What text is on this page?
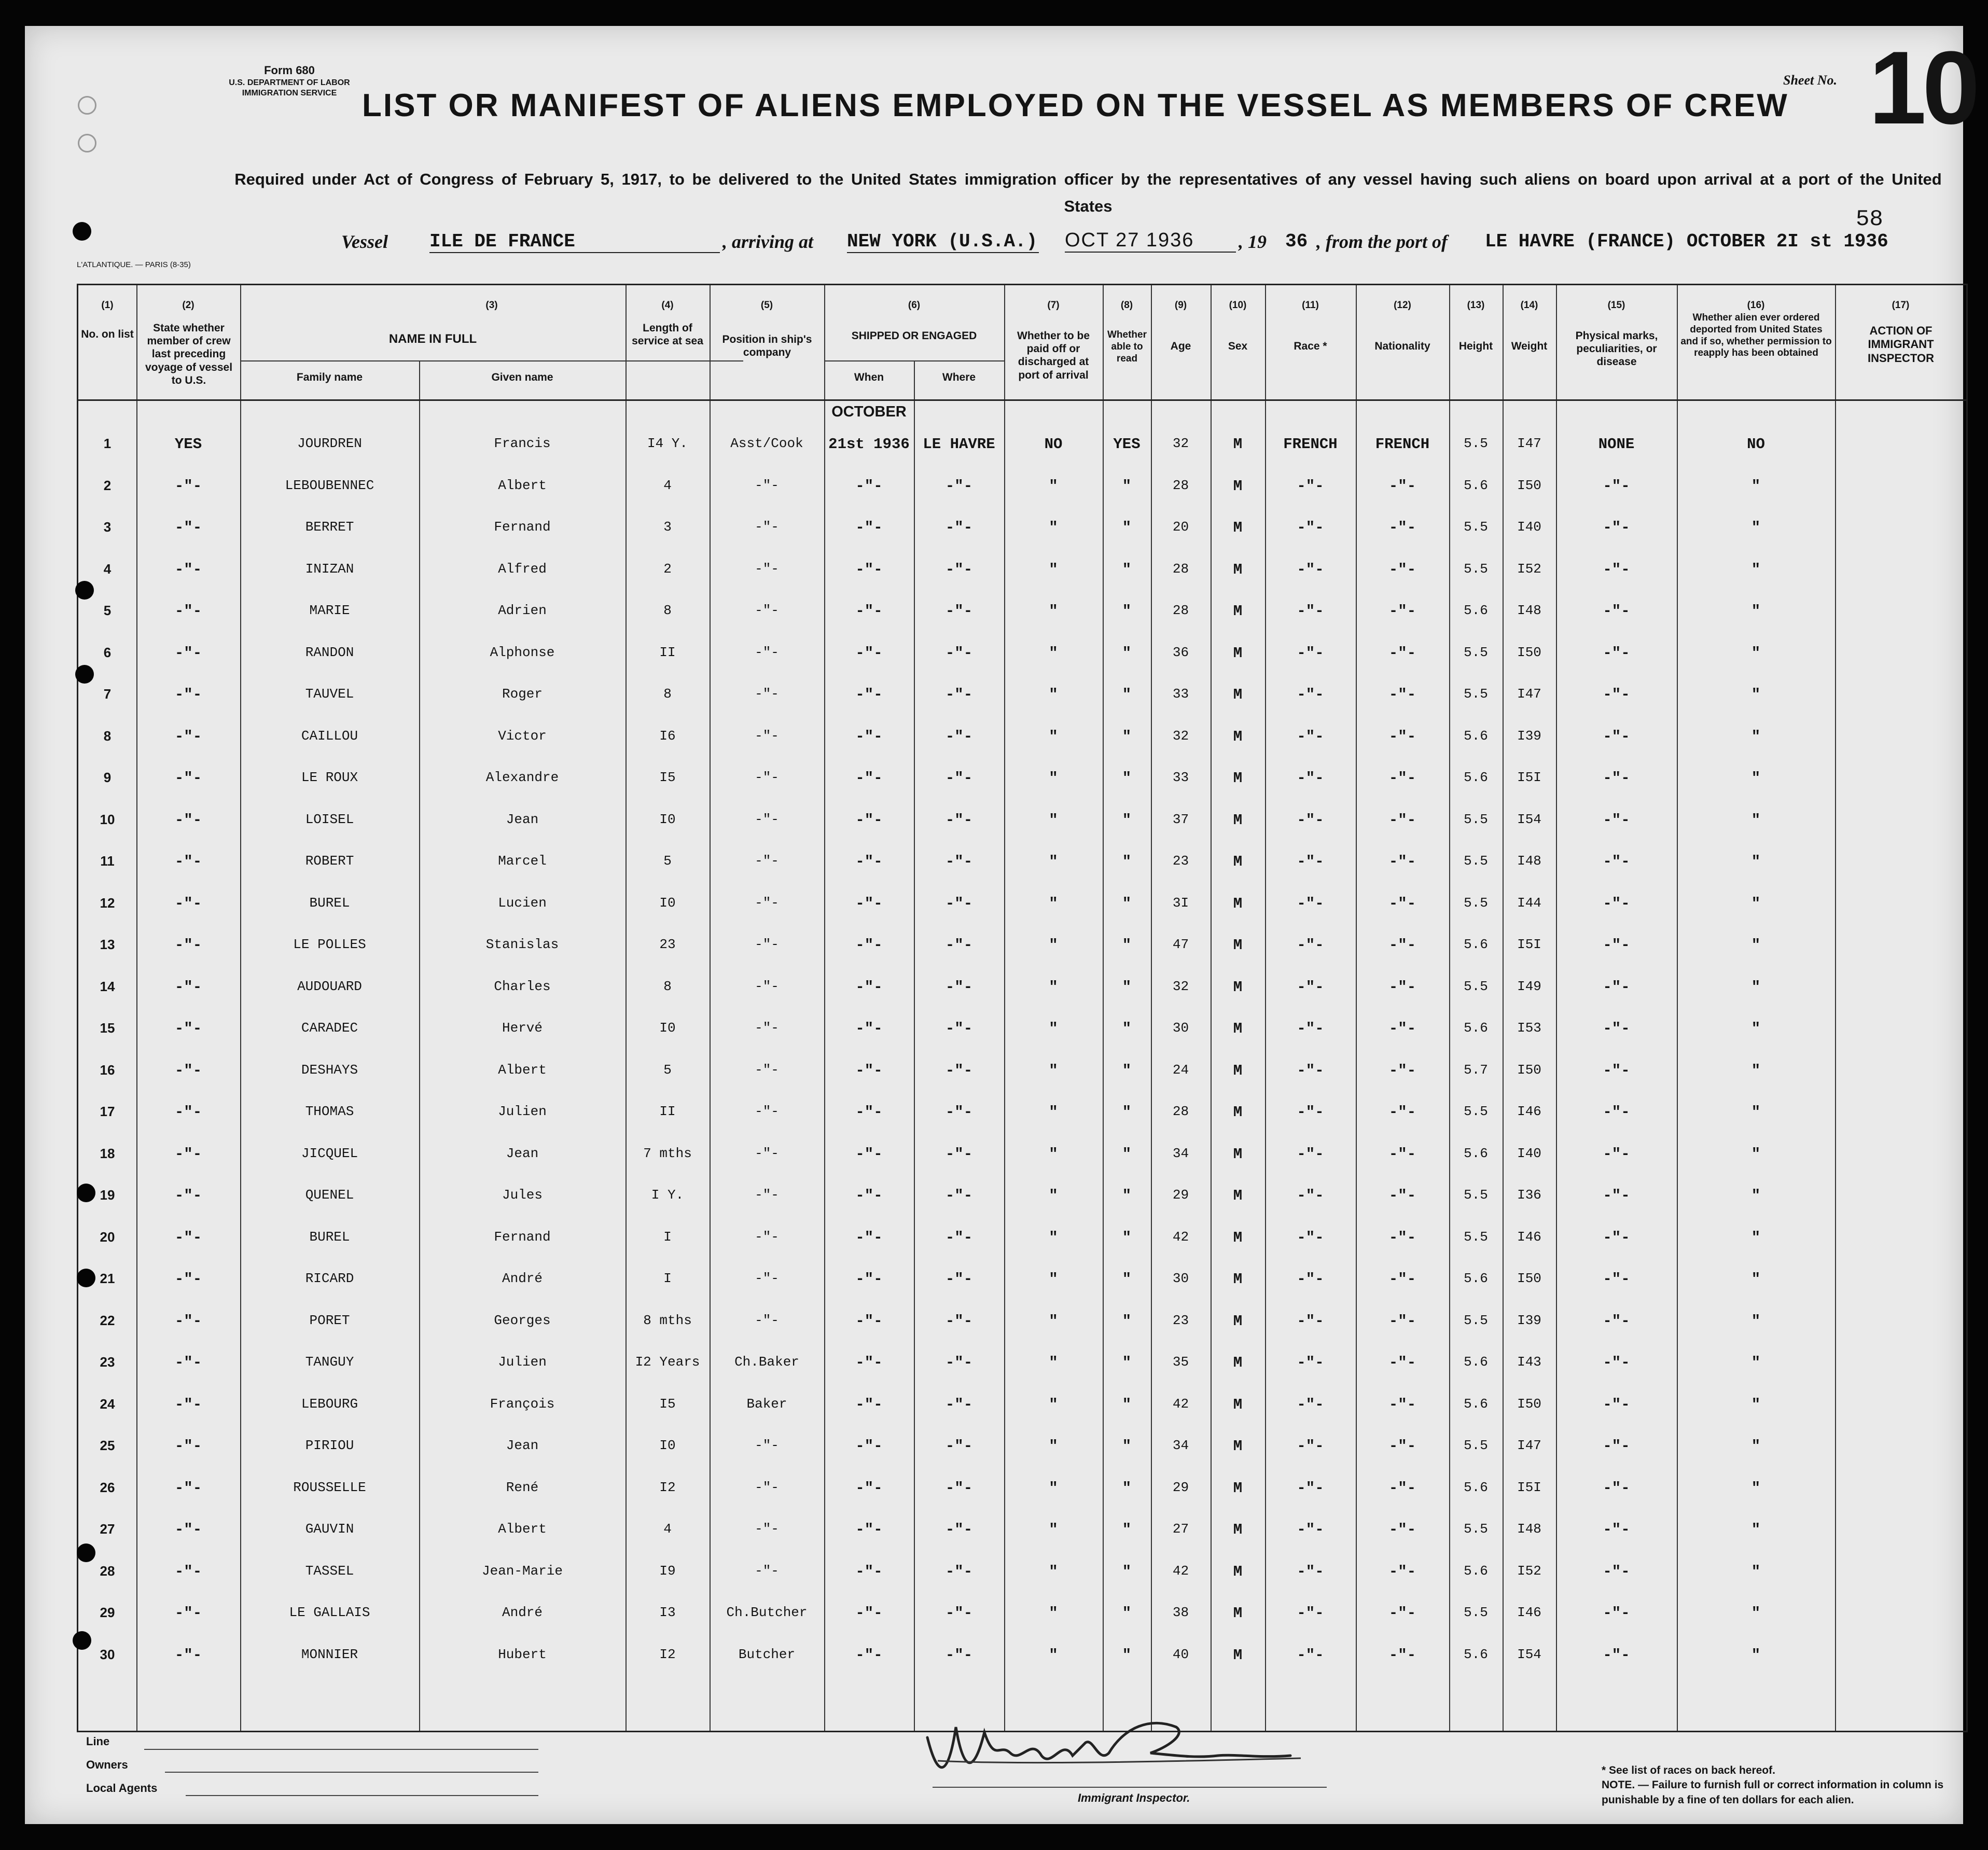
Form 680
U.S. DEPARTMENT OF LABOR
IMMIGRATION SERVICE LIST OR MANIFEST OF ALIENS EMPLOYED ON THE VESSEL AS MEMBERS OF CREW
Sheet No. 10
Required under Act of Congress of February 5, 1917, to be delivered to the United States immigration officer by the representatives of any vessel having such aliens on board upon arrival at a port of the United States
58
Vessel ILE DE FRANCE	, arriving at NEW YORK (U.S.A.) OCT 27 1936	, 19 36 , from the port of LE HAVRE (FRANCE) OCTOBER 2I st 1936
L'ATLANTIQUE. — PARIS (8-35)
(1)	(2)	(3)	(4)	(5)	(6)	(7)	(8)	(9)	(10)	(11)	(12)	(13)	(14)	(15)	(16)	(17)
No. on list
State whether member of crew last preceding voyage of vessel to U.S.
NAME IN FULL
Family name	Given name
Length of service at sea	Position in ship's company
SHIPPED OR ENGAGED
When	Where
Whether to be paid off or discharged at port of arrival
Whether able to read
Age	Sex	Race *	Nationality	Height	Weight
Physical marks, peculiarities, or disease
Whether alien ever ordered deported from United States and if so, whether permission to reapply has been obtained
ACTION OF IMMIGRANT INSPECTOR
OCTOBER
1	YES	JOURDREN	Francis	I4 Y.	Asst/Cook	21st 1936 LE HAVRE	NO	YES	32	M	FRENCH	FRENCH	5.5	I47	NONE	NO
2	-"-	LEBOUBENNEC	Albert	4	-"-	-"-	-"-	"	"	28	M	-"-	-"-	5.6	I50	-"-	"
3	-"-	BERRET	Fernand	3	-"-	-"-	-"-	"	"	20	M	-"-	-"-	5.5	I40	-"-	"
4	-"-	INIZAN	Alfred	2	-"-	-"-	-"-	"	"	28	M	-"-	-"-	5.5	I52	-"-	"
5	-"-	MARIE	Adrien	8	-"-	-"-	-"-	"	"	28	M	-"-	-"-	5.6	I48	-"-	"
6	-"-	RANDON	Alphonse	II	-"-	-"-	-"-	"	"	36	M	-"-	-"-	5.5	I50	-"-	"
7	-"-	TAUVEL	Roger	8	-"-	-"-	-"-	"	"	33	M	-"-	-"-	5.5	I47	-"-	"
8	-"-	CAILLOU	Victor	I6	-"-	-"-	-"-	"	"	32	M	-"-	-"-	5.6	I39	-"-	"
9	-"-	LE ROUX	Alexandre	I5	-"-	-"-	-"-	"	"	33	M	-"-	-"-	5.6	I5I	-"-	"
10	-"-	LOISEL	Jean	I0	-"-	-"-	-"-	"	"	37	M	-"-	-"-	5.5	I54	-"-	"
11	-"-	ROBERT	Marcel	5	-"-	-"-	-"-	"	"	23	M	-"-	-"-	5.5	I48	-"-	"
12	-"-	BUREL	Lucien	I0	-"-	-"-	-"-	"	"	3I	M	-"-	-"-	5.5	I44	-"-	"
13	-"-	LE POLLES	Stanislas	23	-"-	-"-	-"-	"	"	47	M	-"-	-"-	5.6	I5I	-"-	"
14	-"-	AUDOUARD	Charles	8	-"-	-"-	-"-	"	"	32	M	-"-	-"-	5.5	I49	-"-	"
15	-"-	CARADEC	Hervé	I0	-"-	-"-	-"-	"	"	30	M	-"-	-"-	5.6	I53	-"-	"
16	-"-	DESHAYS	Albert	5	-"-	-"-	-"-	"	"	24	M	-"-	-"-	5.7	I50	-"-	"
17	-"-	THOMAS	Julien	II	-"-	-"-	-"-	"	"	28	M	-"-	-"-	5.5	I46	-"-	"
18	-"-	JICQUEL	Jean	7 mths	-"-	-"-	-"-	"	"	34	M	-"-	-"-	5.6	I40	-"-	"
19	-"-	QUENEL	Jules	I Y.	-"-	-"-	-"-	"	"	29	M	-"-	-"-	5.5	I36	-"-	"
20	-"-	BUREL	Fernand	I	-"-	-"-	-"-	"	"	42	M	-"-	-"-	5.5	I46	-"-	"
21	-"-	RICARD	André	I	-"-	-"-	-"-	"	"	30	M	-"-	-"-	5.6	I50	-"-	"
22	-"-	PORET	Georges	8 mths	-"-	-"-	-"-	"	"	23	M	-"-	-"-	5.5	I39	-"-	"
23	-"-	TANGUY	Julien	I2 Years	Ch.Baker	-"-	-"-	"	"	35	M	-"-	-"-	5.6	I43	-"-	"
24	-"-	LEBOURG	François	I5	Baker	-"-	-"-	"	"	42	M	-"-	-"-	5.6	I50	-"-	"
25	-"-	PIRIOU	Jean	I0	-"-	-"-	-"-	"	"	34	M	-"-	-"-	5.5	I47	-"-	"
26	-"-	ROUSSELLE	René	I2	-"-	-"-	-"-	"	"	29	M	-"-	-"-	5.6	I5I	-"-	"
27	-"-	GAUVIN	Albert	4	-"-	-"-	-"-	"	"	27	M	-"-	-"-	5.5	I48	-"-	"
28	-"-	TASSEL	Jean-Marie	I9	-"-	-"-	-"-	"	"	42	M	-"-	-"-	5.6	I52	-"-	"
29	-"-	LE GALLAIS	André	I3	Ch.Butcher	-"-	-"-	"	"	38	M	-"-	-"-	5.5	I46	-"-	"
30	-"-	MONNIER	Hubert	I2	Butcher	-"-	-"-	"	"	40	M	-"-	-"-	5.6	I54	-"-	"
Line
Owners
Local Agents
Immigrant Inspector.
* See list of races on back hereof.
NOTE. — Failure to furnish full or correct information in column is punishable by a fine of ten dollars for each alien.
